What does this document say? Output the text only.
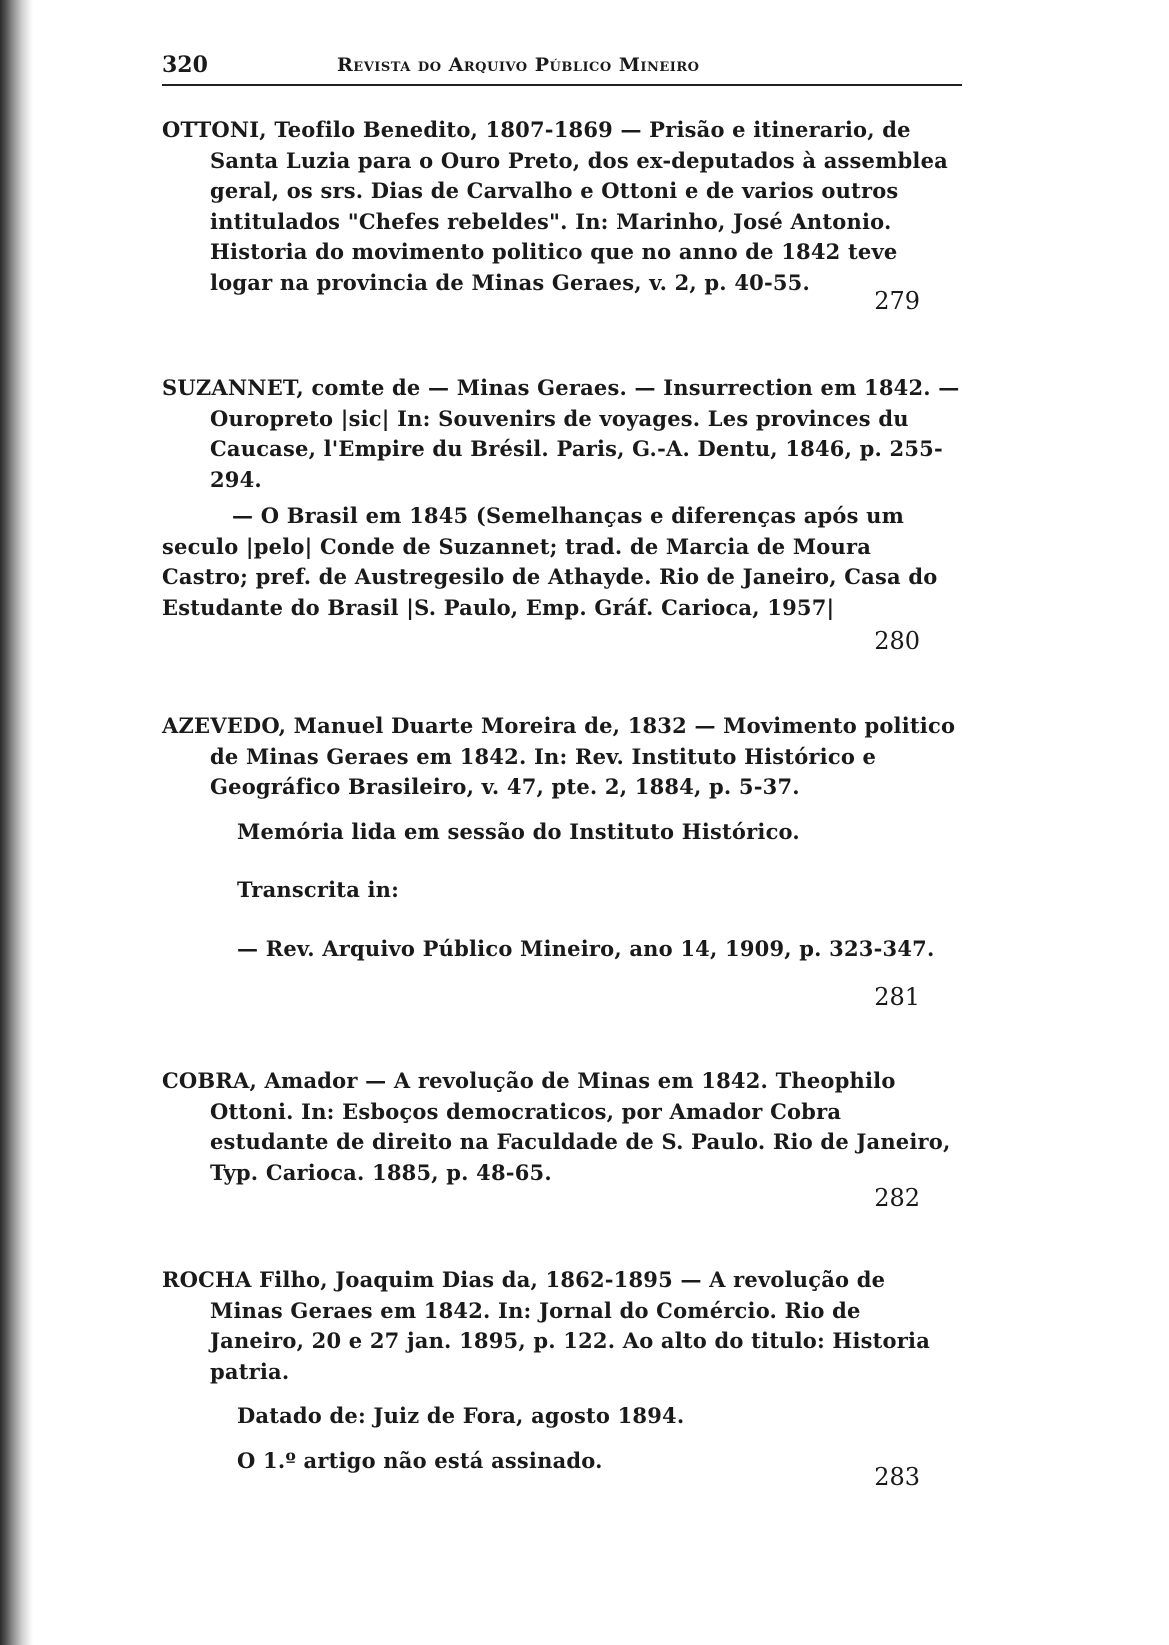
320	Revista do Arquivo Público Mineiro

OTTONI, Teofilo Benedito, 1807-1869 — Prisão e itinerario, de Santa Luzia para o Ouro Preto, dos ex-deputados à assemblea geral, os srs. Dias de Carvalho e Ottoni e de varios outros intitulados "Chefes rebeldes". In: Marinho, José Antonio. Historia do movimento politico que no anno de 1842 teve logar na provincia de Minas Geraes, v. 2, p. 40-55.

279

SUZANNET, comte de — Minas Geraes. — Insurrection em 1842. — Ouropreto |sic| In: Souvenirs de voyages. Les provinces du Caucase, l'Empire du Brésil. Paris, G.-A. Dentu, 1846, p. 255-294.

— O Brasil em 1845 (Semelhanças e diferenças após um seculo |pelo| Conde de Suzannet; trad. de Marcia de Moura Castro; pref. de Austregesilo de Athayde. Rio de Janeiro, Casa do Estudante do Brasil |S. Paulo, Emp. Gráf. Carioca, 1957|

280

AZEVEDO, Manuel Duarte Moreira de, 1832 — Movimento politico de Minas Geraes em 1842. In: Rev. Instituto Histórico e Geográfico Brasileiro, v. 47, pte. 2, 1884, p. 5-37.

Memória lida em sessão do Instituto Histórico.

Transcrita in:

— Rev. Arquivo Público Mineiro, ano 14, 1909, p. 323-347.

281

COBRA, Amador — A revolução de Minas em 1842. Theophilo Ottoni. In: Esboços democraticos, por Amador Cobra estudante de direito na Faculdade de S. Paulo. Rio de Janeiro, Typ. Carioca. 1885, p. 48-65.

282

ROCHA Filho, Joaquim Dias da, 1862-1895 — A revolução de Minas Geraes em 1842. In: Jornal do Comércio. Rio de Janeiro, 20 e 27 jan. 1895, p. 122. Ao alto do titulo: Historia patria.

Datado de: Juiz de Fora, agosto 1894.

O 1.º artigo não está assinado.

283
